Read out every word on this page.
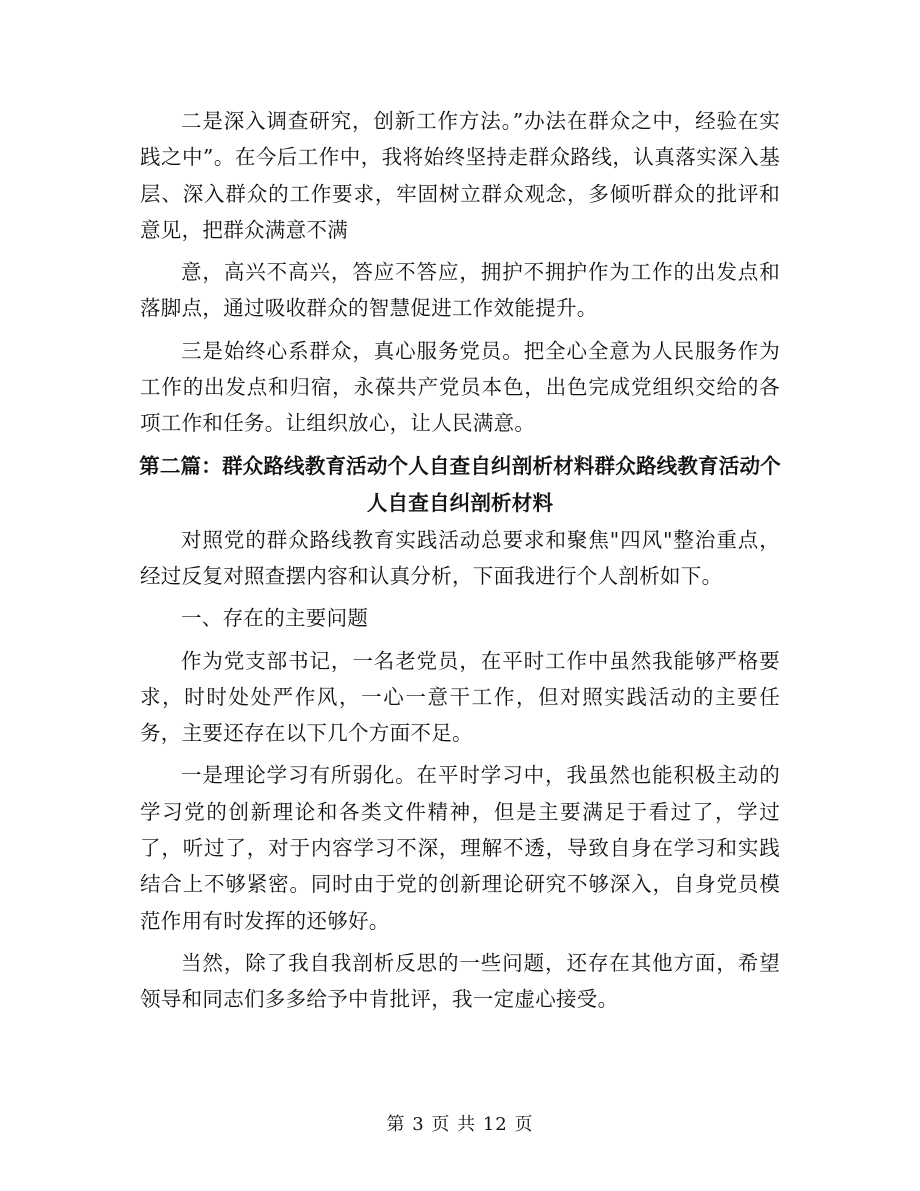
二是深入调查研究，创新工作方法。”办法在群众之中，经验在实践之中”。在今后工作中，我将始终坚持走群众路线，认真落实深入基层、深入群众的工作要求，牢固树立群众观念，多倾听群众的批评和意见，把群众满意不满

意，高兴不高兴，答应不答应，拥护不拥护作为工作的出发点和落脚点，通过吸收群众的智慧促进工作效能提升。

三是始终心系群众，真心服务党员。把全心全意为人民服务作为工作的出发点和归宿，永葆共产党员本色，出色完成党组织交给的各项工作和任务。让组织放心，让人民满意。

第二篇：群众路线教育活动个人自查自纠剖析材料群众路线教育活动个人自查自纠剖析材料

对照党的群众路线教育实践活动总要求和聚焦"四风"整治重点，经过反复对照查摆内容和认真分析，下面我进行个人剖析如下。

一、存在的主要问题

作为党支部书记，一名老党员，在平时工作中虽然我能够严格要求，时时处处严作风，一心一意干工作，但对照实践活动的主要任务，主要还存在以下几个方面不足。

一是理论学习有所弱化。在平时学习中，我虽然也能积极主动的学习党的创新理论和各类文件精神，但是主要满足于看过了，学过了，听过了，对于内容学习不深，理解不透，导致自身在学习和实践结合上不够紧密。同时由于党的创新理论研究不够深入，自身党员模范作用有时发挥的还够好。

当然，除了我自我剖析反思的一些问题，还存在其他方面，希望领导和同志们多多给予中肯批评，我一定虚心接受。

第 3 页 共 12 页
